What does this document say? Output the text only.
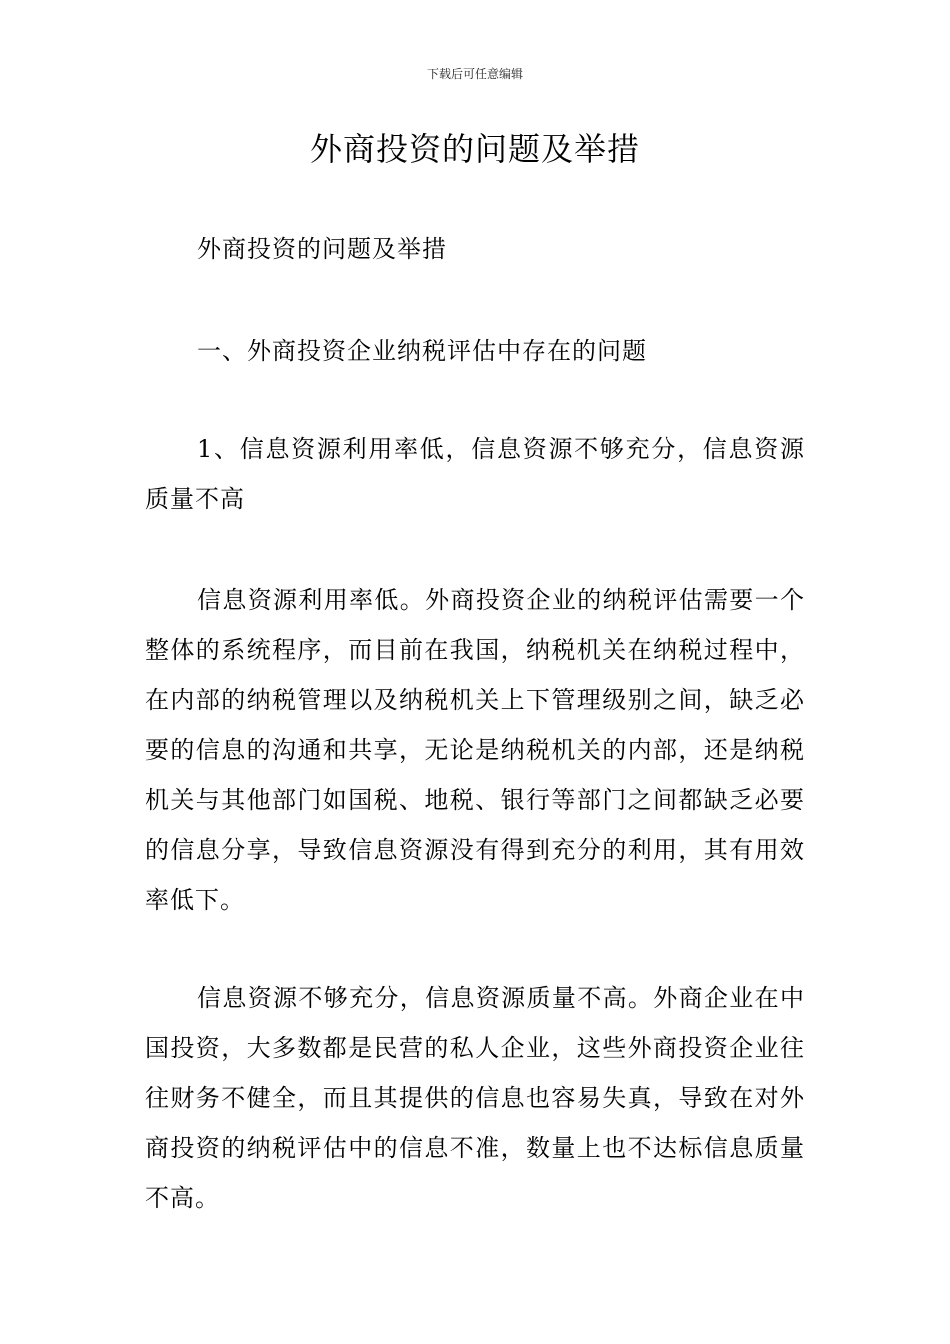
下载后可任意编辑
外商投资的问题及举措

外商投资的问题及举措

一、外商投资企业纳税评估中存在的问题

1、信息资源利用率低，信息资源不够充分，信息资源质量不高

信息资源利用率低。外商投资企业的纳税评估需要一个整体的系统程序，而目前在我国，纳税机关在纳税过程中，在内部的纳税管理以及纳税机关上下管理级别之间，缺乏必要的信息的沟通和共享，无论是纳税机关的内部，还是纳税机关与其他部门如国税、地税、银行等部门之间都缺乏必要的信息分享，导致信息资源没有得到充分的利用，其有用效率低下。

信息资源不够充分，信息资源质量不高。外商企业在中国投资，大多数都是民营的私人企业，这些外商投资企业往往财务不健全，而且其提供的信息也容易失真，导致在对外商投资的纳税评估中的信息不准，数量上也不达标信息质量不高。
